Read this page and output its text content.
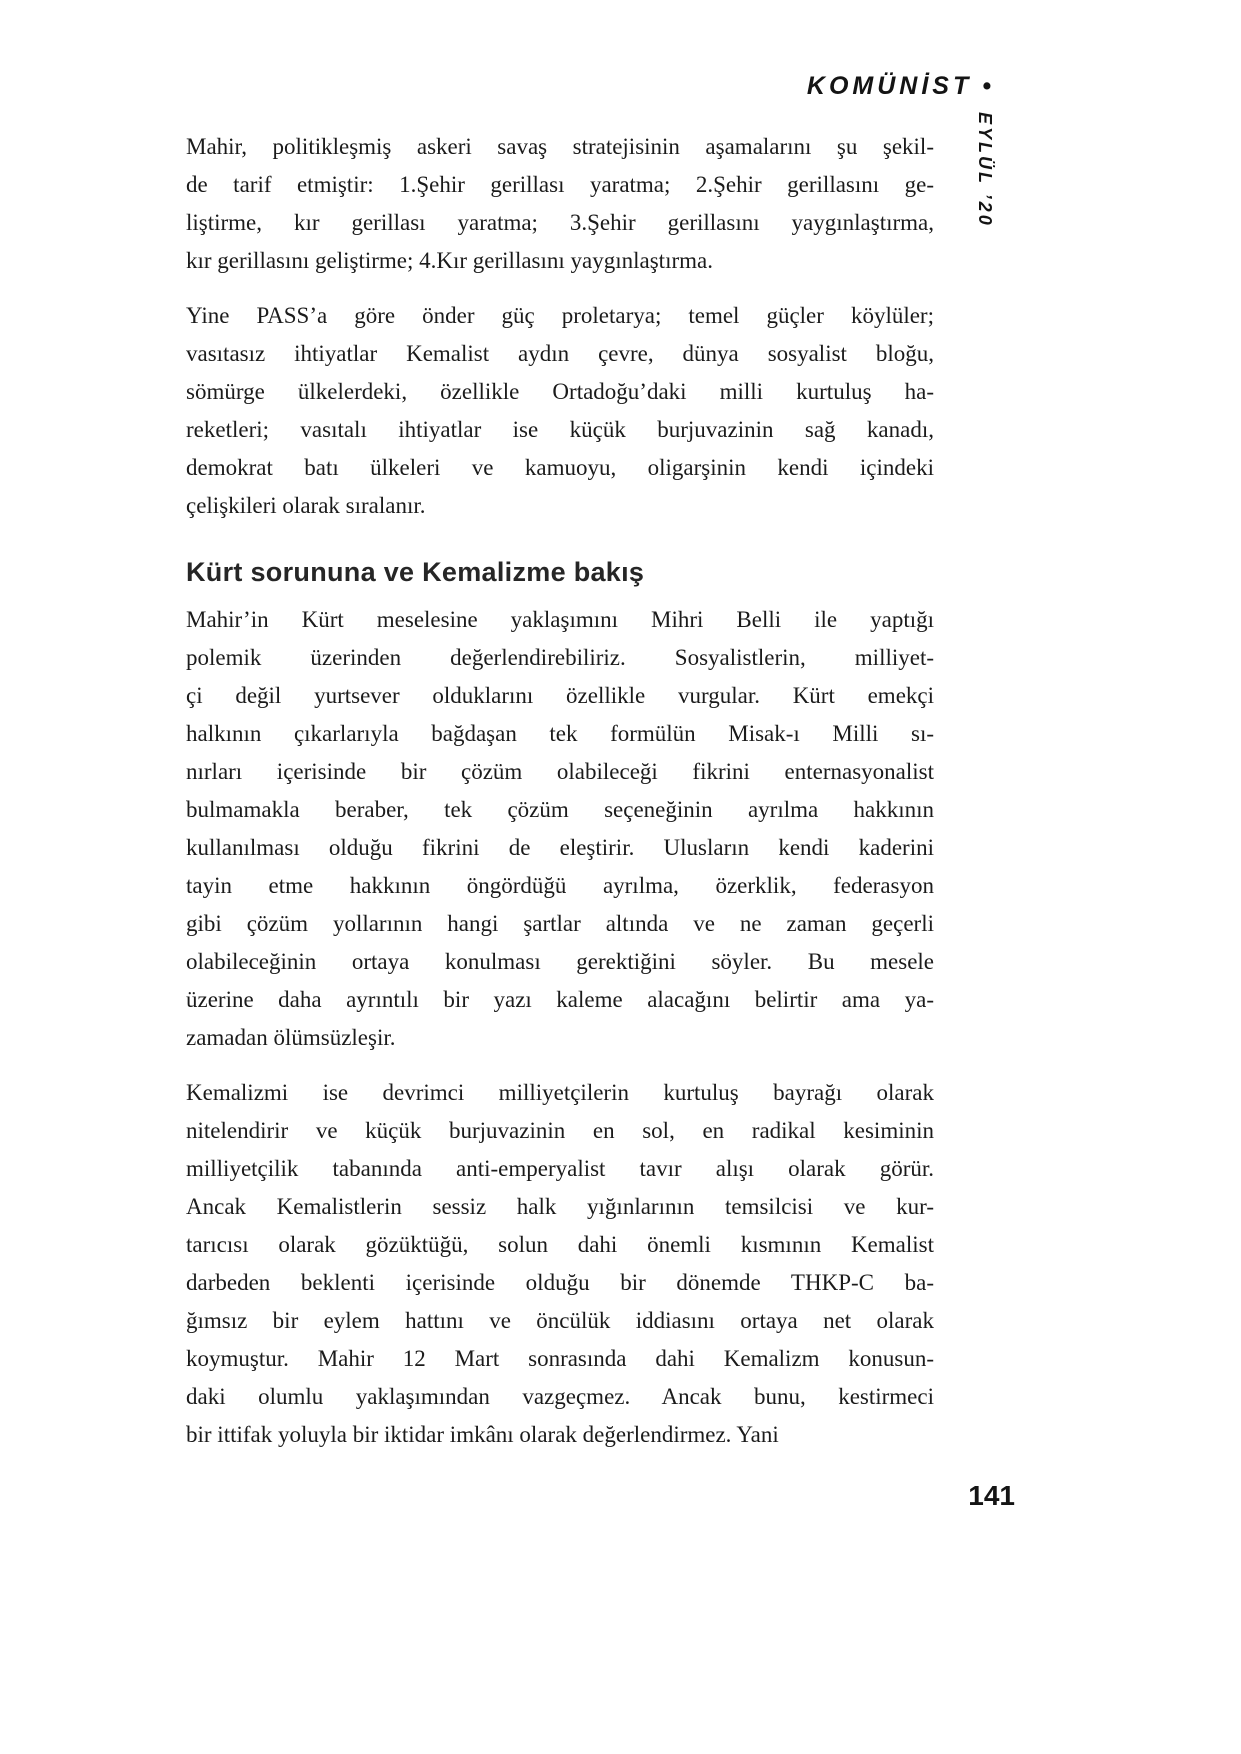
KOMÜNİST •
EYLÜL ’20
Mahir, politikleşmiş askeri savaş stratejisinin aşamalarını şu şekil-
de tarif etmiştir: 1.Şehir gerillası yaratma; 2.Şehir gerillasını ge-
liştirme, kır gerillası yaratma; 3.Şehir gerillasını yaygınlaştırma,
kır gerillasını geliştirme; 4.Kır gerillasını yaygınlaştırma.
Yine PASS’a göre önder güç proletarya; temel güçler köylüler;
vasıtasız ihtiyatlar Kemalist aydın çevre, dünya sosyalist bloğu,
sömürge ülkelerdeki, özellikle Ortadoğu’daki milli kurtuluş ha-
reketleri; vasıtalı ihtiyatlar ise küçük burjuvazinin sağ kanadı,
demokrat batı ülkeleri ve kamuoyu, oligarşinin kendi içindeki
çelişkileri olarak sıralanır.
Kürt sorununa ve Kemalizme bakış
Mahir’in Kürt meselesine yaklaşımını Mihri Belli ile yaptığı
polemik üzerinden değerlendirebiliriz. Sosyalistlerin, milliyet-
çi değil yurtsever olduklarını özellikle vurgular. Kürt emekçi
halkının çıkarlarıyla bağdaşan tek formülün Misak-ı Milli sı-
nırları içerisinde bir çözüm olabileceği fikrini enternasyonalist
bulmamakla beraber, tek çözüm seçeneğinin ayrılma hakkının
kullanılması olduğu fikrini de eleştirir. Ulusların kendi kaderini
tayin etme hakkının öngördüğü ayrılma, özerklik, federasyon
gibi çözüm yollarının hangi şartlar altında ve ne zaman geçerli
olabileceğinin ortaya konulması gerektiğini söyler. Bu mesele
üzerine daha ayrıntılı bir yazı kaleme alacağını belirtir ama ya-
zamadan ölümsüzleşir.
Kemalizmi ise devrimci milliyetçilerin kurtuluş bayrağı olarak
nitelendirir ve küçük burjuvazinin en sol, en radikal kesiminin
milliyetçilik tabanında anti-emperyalist tavır alışı olarak görür.
Ancak Kemalistlerin sessiz halk yığınlarının temsilcisi ve kur-
tarıcısı olarak gözüktüğü, solun dahi önemli kısmının Kemalist
darbeden beklenti içerisinde olduğu bir dönemde THKP-C ba-
ğımsız bir eylem hattını ve öncülük iddiasını ortaya net olarak
koymuştur. Mahir 12 Mart sonrasında dahi Kemalizm konusun-
daki olumlu yaklaşımından vazgeçmez. Ancak bunu, kestirmeci
bir ittifak yoluyla bir iktidar imkânı olarak değerlendirmez. Yani
141
